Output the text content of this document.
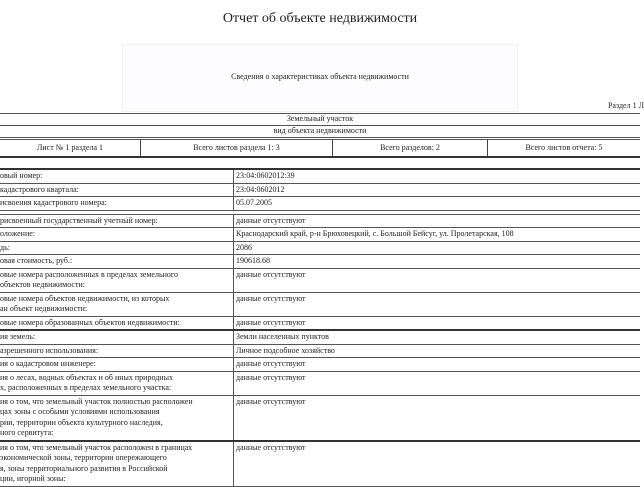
Отчет об объекте недвижимости
Сведения о характеристиках объекта недвижимости
Раздел 1 Л
Земельный участок
вид объекта недвижимости
Лист № 1 раздела 1	Всего листов раздела 1: 3	Всего разделов: 2	Всего листов отчета: 5
овый номер:	23:04:0602012:39
кадастрового квартала:	23:04:0602012
исвоения кадастрового номера:	05.07.2005

рисвоенный государственный учетный номер:	данные отсутствуют
оложение:	Краснодарский край, р-н Брюховецкий, с. Большой Бейсуг, ул. Пролетарская, 108
дь:	2086
овая стоимость, руб.:	190618.68
овые номера расположенных в пределах земельного
объектов недвижимости:	данные отсутствуют
овые номера объектов недвижимости, из которых
ан объект недвижимости:	данные отсутствуют
овые номера образованных объектов недвижимости:	данные отсутствуют
ия земель:	Земли населенных пунктов
азрешенного использования:	Личное подсобное хозяйство
ия о кадастровом инженере:	данные отсутствуют
ия о лесах, водных объектах и об иных природных
х, расположенных в пределах земельного участка:	данные отсутствуют
ия о том, что земельный участок полностью расположен
цах зоны с особыми условиями использования
рии, территории объекта культурного наследия,
ного сервитута:	данные отсутствуют
ия о том, что земельный участок расположен в границах
экономической зоны, территории опережающего
я, зоны территориального развития в Российской
ции, игорной зоны:	данные отсутствуют
